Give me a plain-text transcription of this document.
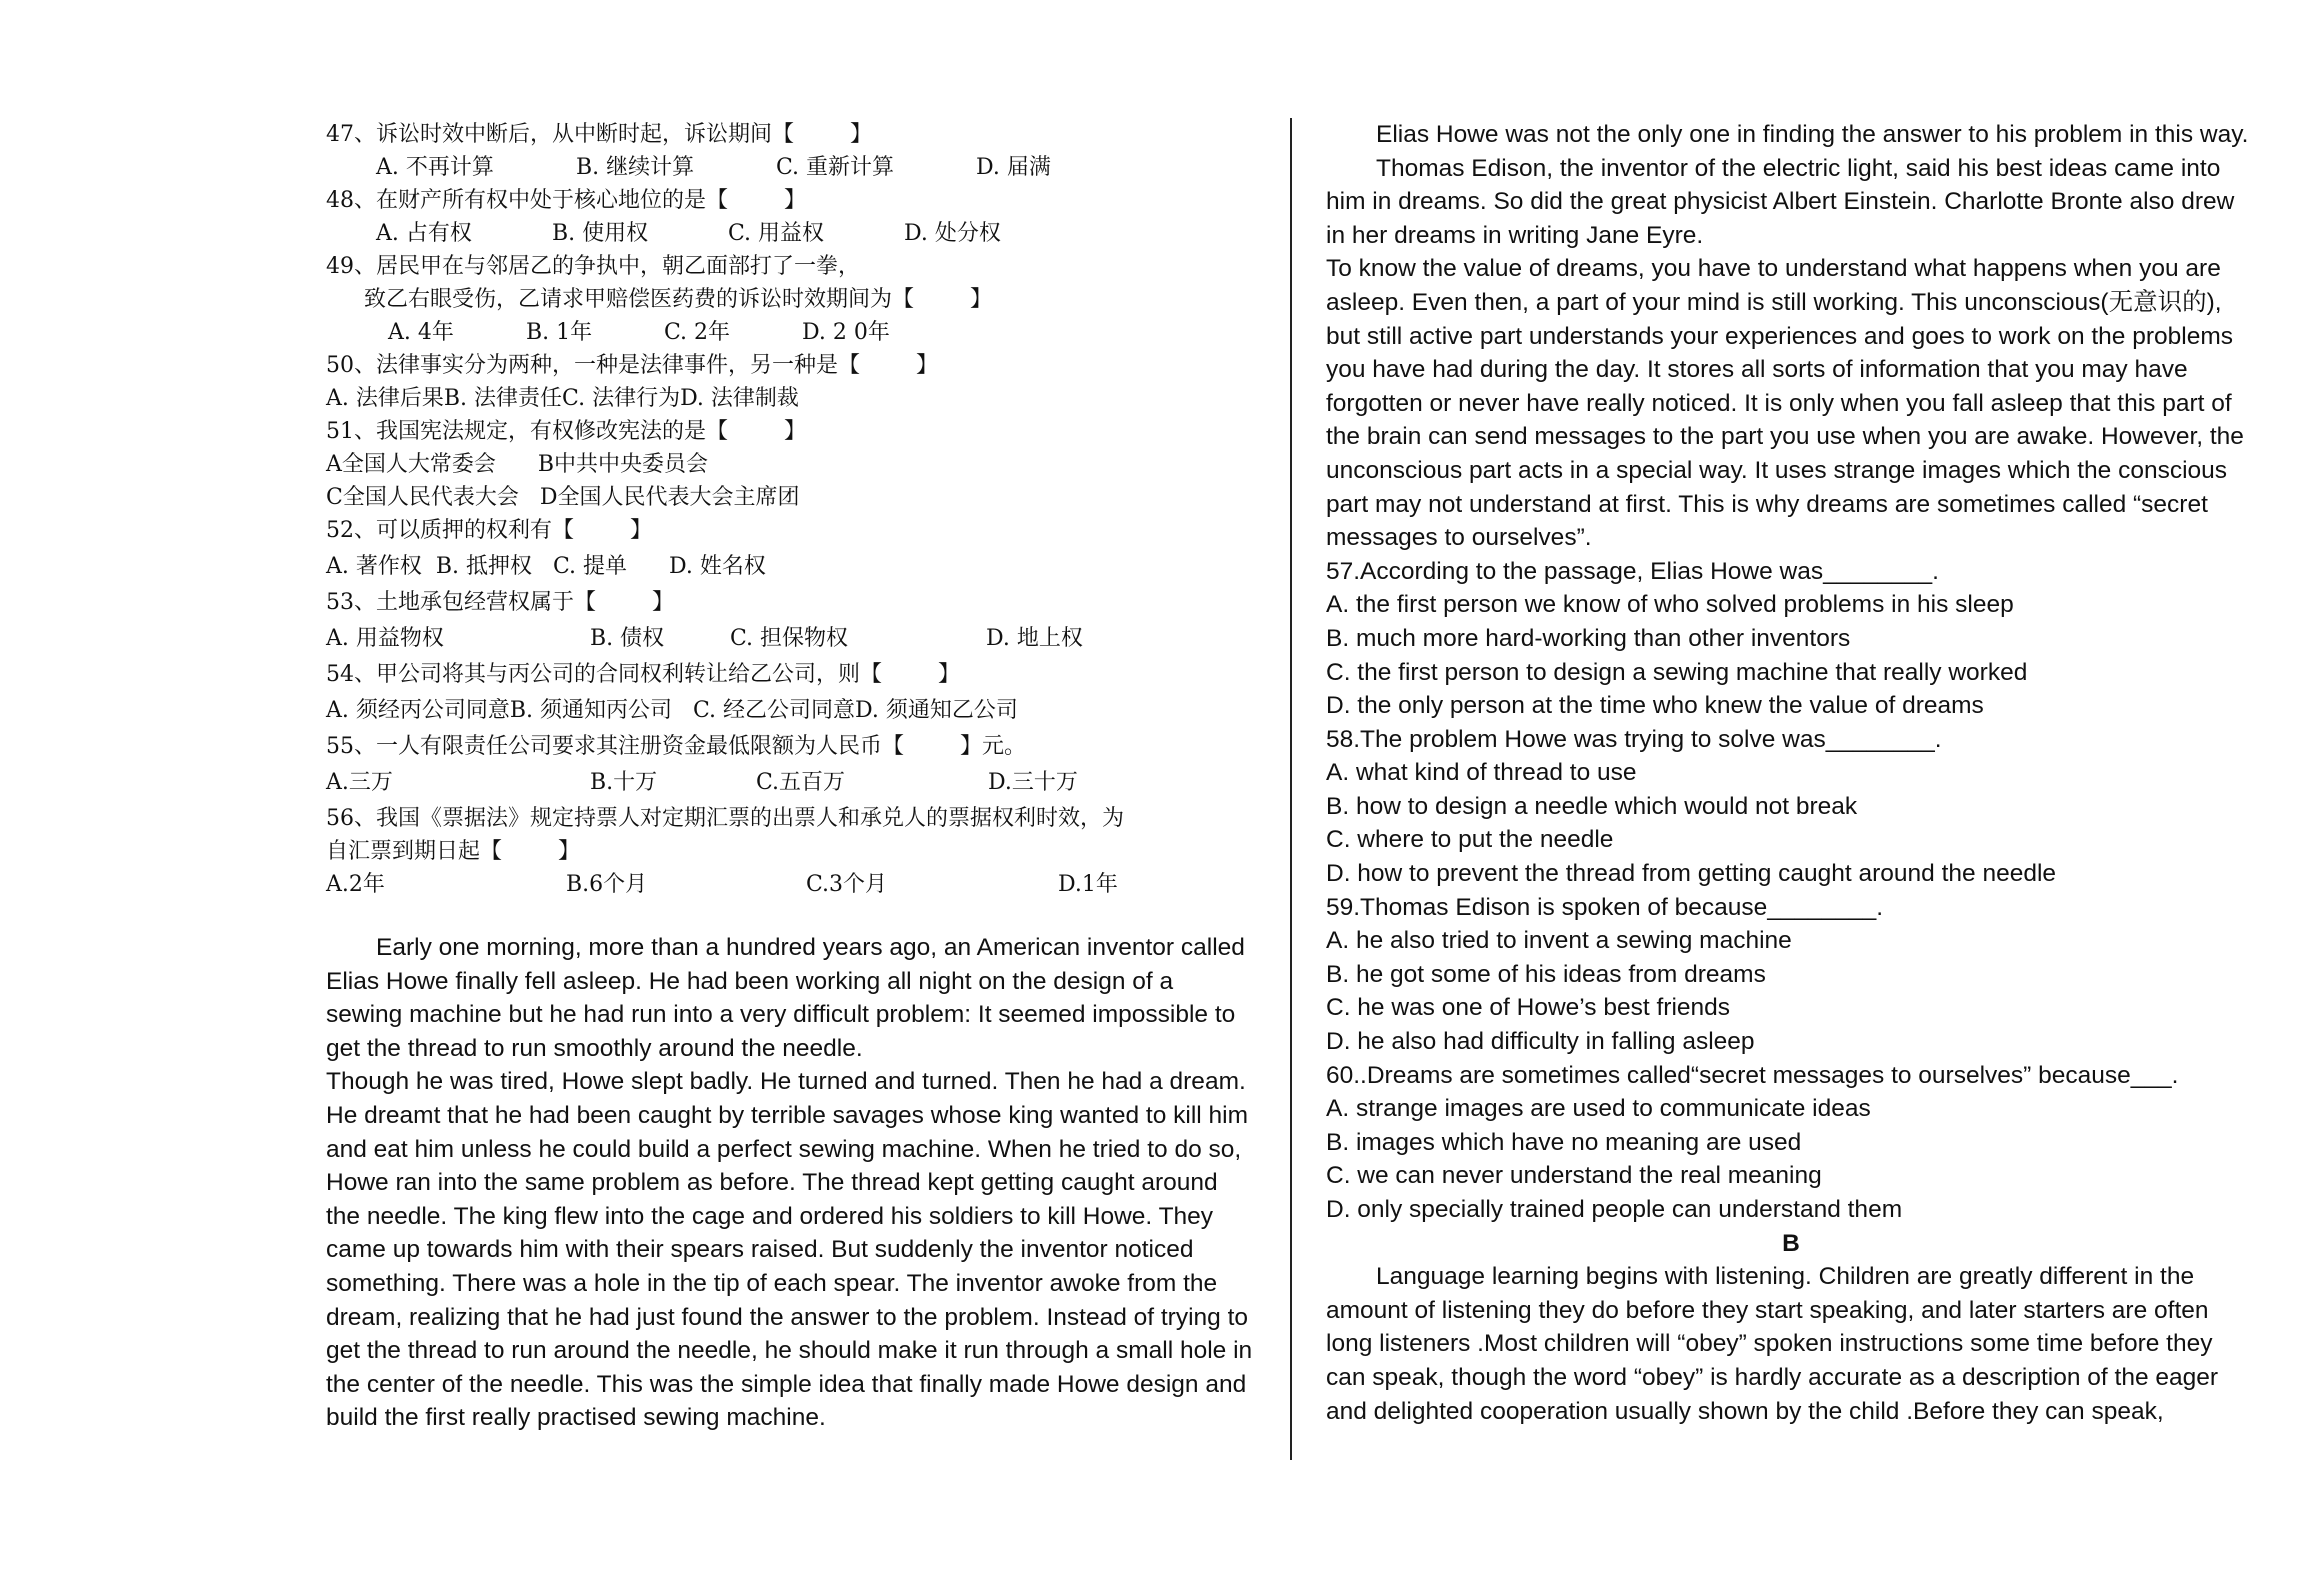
47、诉讼时效中断后，从中断时起，诉讼期间【        】
A. 不再计算	B. 继续计算	C. 重新计算	D. 届满
48、在财产所有权中处于核心地位的是【        】
A. 占有权	B. 使用权	C. 用益权	D. 处分权
49、居民甲在与邻居乙的争执中，朝乙面部打了一拳，
致乙右眼受伤，乙请求甲赔偿医药费的诉讼时效期间为【        】
A. 4年	B. 1年	C. 2年	D. 2 0年
50、法律事实分为两种，一种是法律事件，另一种是【        】
A. 法律后果B. 法律责任C. 法律行为D. 法律制裁
51、我国宪法规定，有权修改宪法的是【        】
A全国人大常委会      B中共中央委员会
C全国人民代表大会   D全国人民代表大会主席团
52、可以质押的权利有【        】
A. 著作权  B. 抵押权   C. 提单      D. 姓名权
53、土地承包经营权属于【        】
A. 用益物权	B. 债权	C. 担保物权	D. 地上权
54、甲公司将其与丙公司的合同权利转让给乙公司，则【        】
A. 须经丙公司同意B. 须通知丙公司   C. 经乙公司同意D. 须通知乙公司
55、一人有限责任公司要求其注册资金最低限额为人民币【        】元。
A.三万	B.十万	C.五百万	D.三十万
56、我国《票据法》规定持票人对定期汇票的出票人和承兑人的票据权利时效，为
自汇票到期日起【        】
A.2年	B.6个月	C.3个月	D.1年
Early one morning, more than a hundred years ago, an American inventor called Elias Howe finally fell asleep. He had been working all night on the design of a sewing machine but he had run into a very difficult problem: It seemed impossible to get the thread to run smoothly around the needle.
Though he was tired, Howe slept badly. He turned and turned. Then he had a dream. He dreamt that he had been caught by terrible savages whose king wanted to kill him and eat him unless he could build a perfect sewing machine. When he tried to do so, Howe ran into the same problem as before. The thread kept getting caught around the needle. The king flew into the cage and ordered his soldiers to kill Howe. They came up towards him with their spears raised. But suddenly the inventor noticed something. There was a hole in the tip of each spear. The inventor awoke from the dream, realizing that he had just found the answer to the problem. Instead of trying to get the thread to run around the needle, he should make it run through a small hole in the center of the needle. This was the simple idea that finally made Howe design and build the first really practised sewing machine.
Elias Howe was not the only one in finding the answer to his problem in this way.
Thomas Edison, the inventor of the electric light, said his best ideas came into him in dreams. So did the great physicist Albert Einstein. Charlotte Bronte also drew in her dreams in writing Jane Eyre.
To know the value of dreams, you have to understand what happens when you are asleep. Even then, a part of your mind is still working. This unconscious(无意识的), but still active part understands your experiences and goes to work on the problems you have had during the day. It stores all sorts of information that you may have forgotten or never have really noticed. It is only when you fall asleep that this part of the brain can send messages to the part you use when you are awake. However, the unconscious part acts in a special way. It uses strange images which the conscious part may not understand at first. This is why dreams are sometimes called “secret messages to ourselves”.
57.According to the passage, Elias Howe was________.
A. the first person we know of who solved problems in his sleep
B. much more hard-working than other inventors
C. the first person to design a sewing machine that really worked
D. the only person at the time who knew the value of dreams
58.The problem Howe was trying to solve was________.
A. what kind of thread to use
B. how to design a needle which would not break
C. where to put the needle
D. how to prevent the thread from getting caught around the needle
59.Thomas Edison is spoken of because________.
A. he also tried to invent a sewing machine
B. he got some of his ideas from dreams
C. he was one of Howe’s best friends
D. he also had difficulty in falling asleep
60..Dreams are sometimes called“secret messages to ourselves” because___.
A. strange images are used to communicate ideas
B. images which have no meaning are used
C. we can never understand the real meaning
D. only specially trained people can understand them
B
Language learning begins with listening. Children are greatly different in the amount of listening they do before they start speaking, and later starters are often long listeners .Most children will “obey” spoken instructions some time before they can speak, though the word “obey” is hardly accurate as a description of the eager and delighted cooperation usually shown by the child .Before they can speak,
